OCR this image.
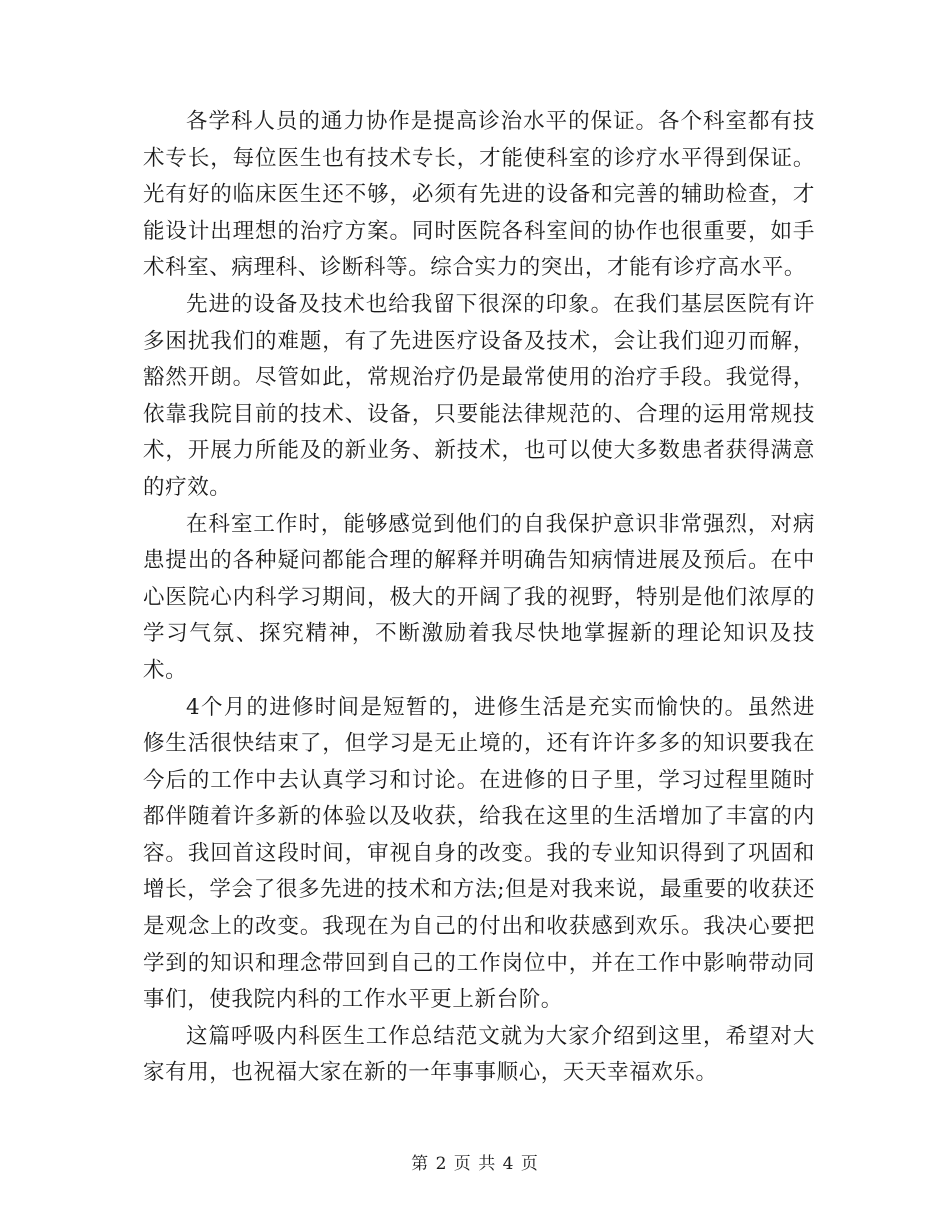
各学科人员的通力协作是提高诊治水平的保证。各个科室都有技术专长，每位医生也有技术专长，才能使科室的诊疗水平得到保证。光有好的临床医生还不够，必须有先进的设备和完善的辅助检查，才能设计出理想的治疗方案。同时医院各科室间的协作也很重要，如手术科室、病理科、诊断科等。综合实力的突出，才能有诊疗高水平。

先进的设备及技术也给我留下很深的印象。在我们基层医院有许多困扰我们的难题，有了先进医疗设备及技术，会让我们迎刃而解，豁然开朗。尽管如此，常规治疗仍是最常使用的治疗手段。我觉得，依靠我院目前的技术、设备，只要能法律规范的、合理的运用常规技术，开展力所能及的新业务、新技术，也可以使大多数患者获得满意的疗效。

在科室工作时，能够感觉到他们的自我保护意识非常强烈，对病患提出的各种疑问都能合理的解释并明确告知病情进展及预后。在中心医院心内科学习期间，极大的开阔了我的视野，特别是他们浓厚的学习气氛、探究精神，不断激励着我尽快地掌握新的理论知识及技术。

4个月的进修时间是短暂的，进修生活是充实而愉快的。虽然进修生活很快结束了，但学习是无止境的，还有许许多多的知识要我在今后的工作中去认真学习和讨论。在进修的日子里，学习过程里随时都伴随着许多新的体验以及收获，给我在这里的生活增加了丰富的内容。我回首这段时间，审视自身的改变。我的专业知识得到了巩固和增长，学会了很多先进的技术和方法;但是对我来说，最重要的收获还是观念上的改变。我现在为自己的付出和收获感到欢乐。我决心要把学到的知识和理念带回到自己的工作岗位中，并在工作中影响带动同事们，使我院内科的工作水平更上新台阶。

这篇呼吸内科医生工作总结范文就为大家介绍到这里，希望对大家有用，也祝福大家在新的一年事事顺心，天天幸福欢乐。

第 2 页 共 4 页
